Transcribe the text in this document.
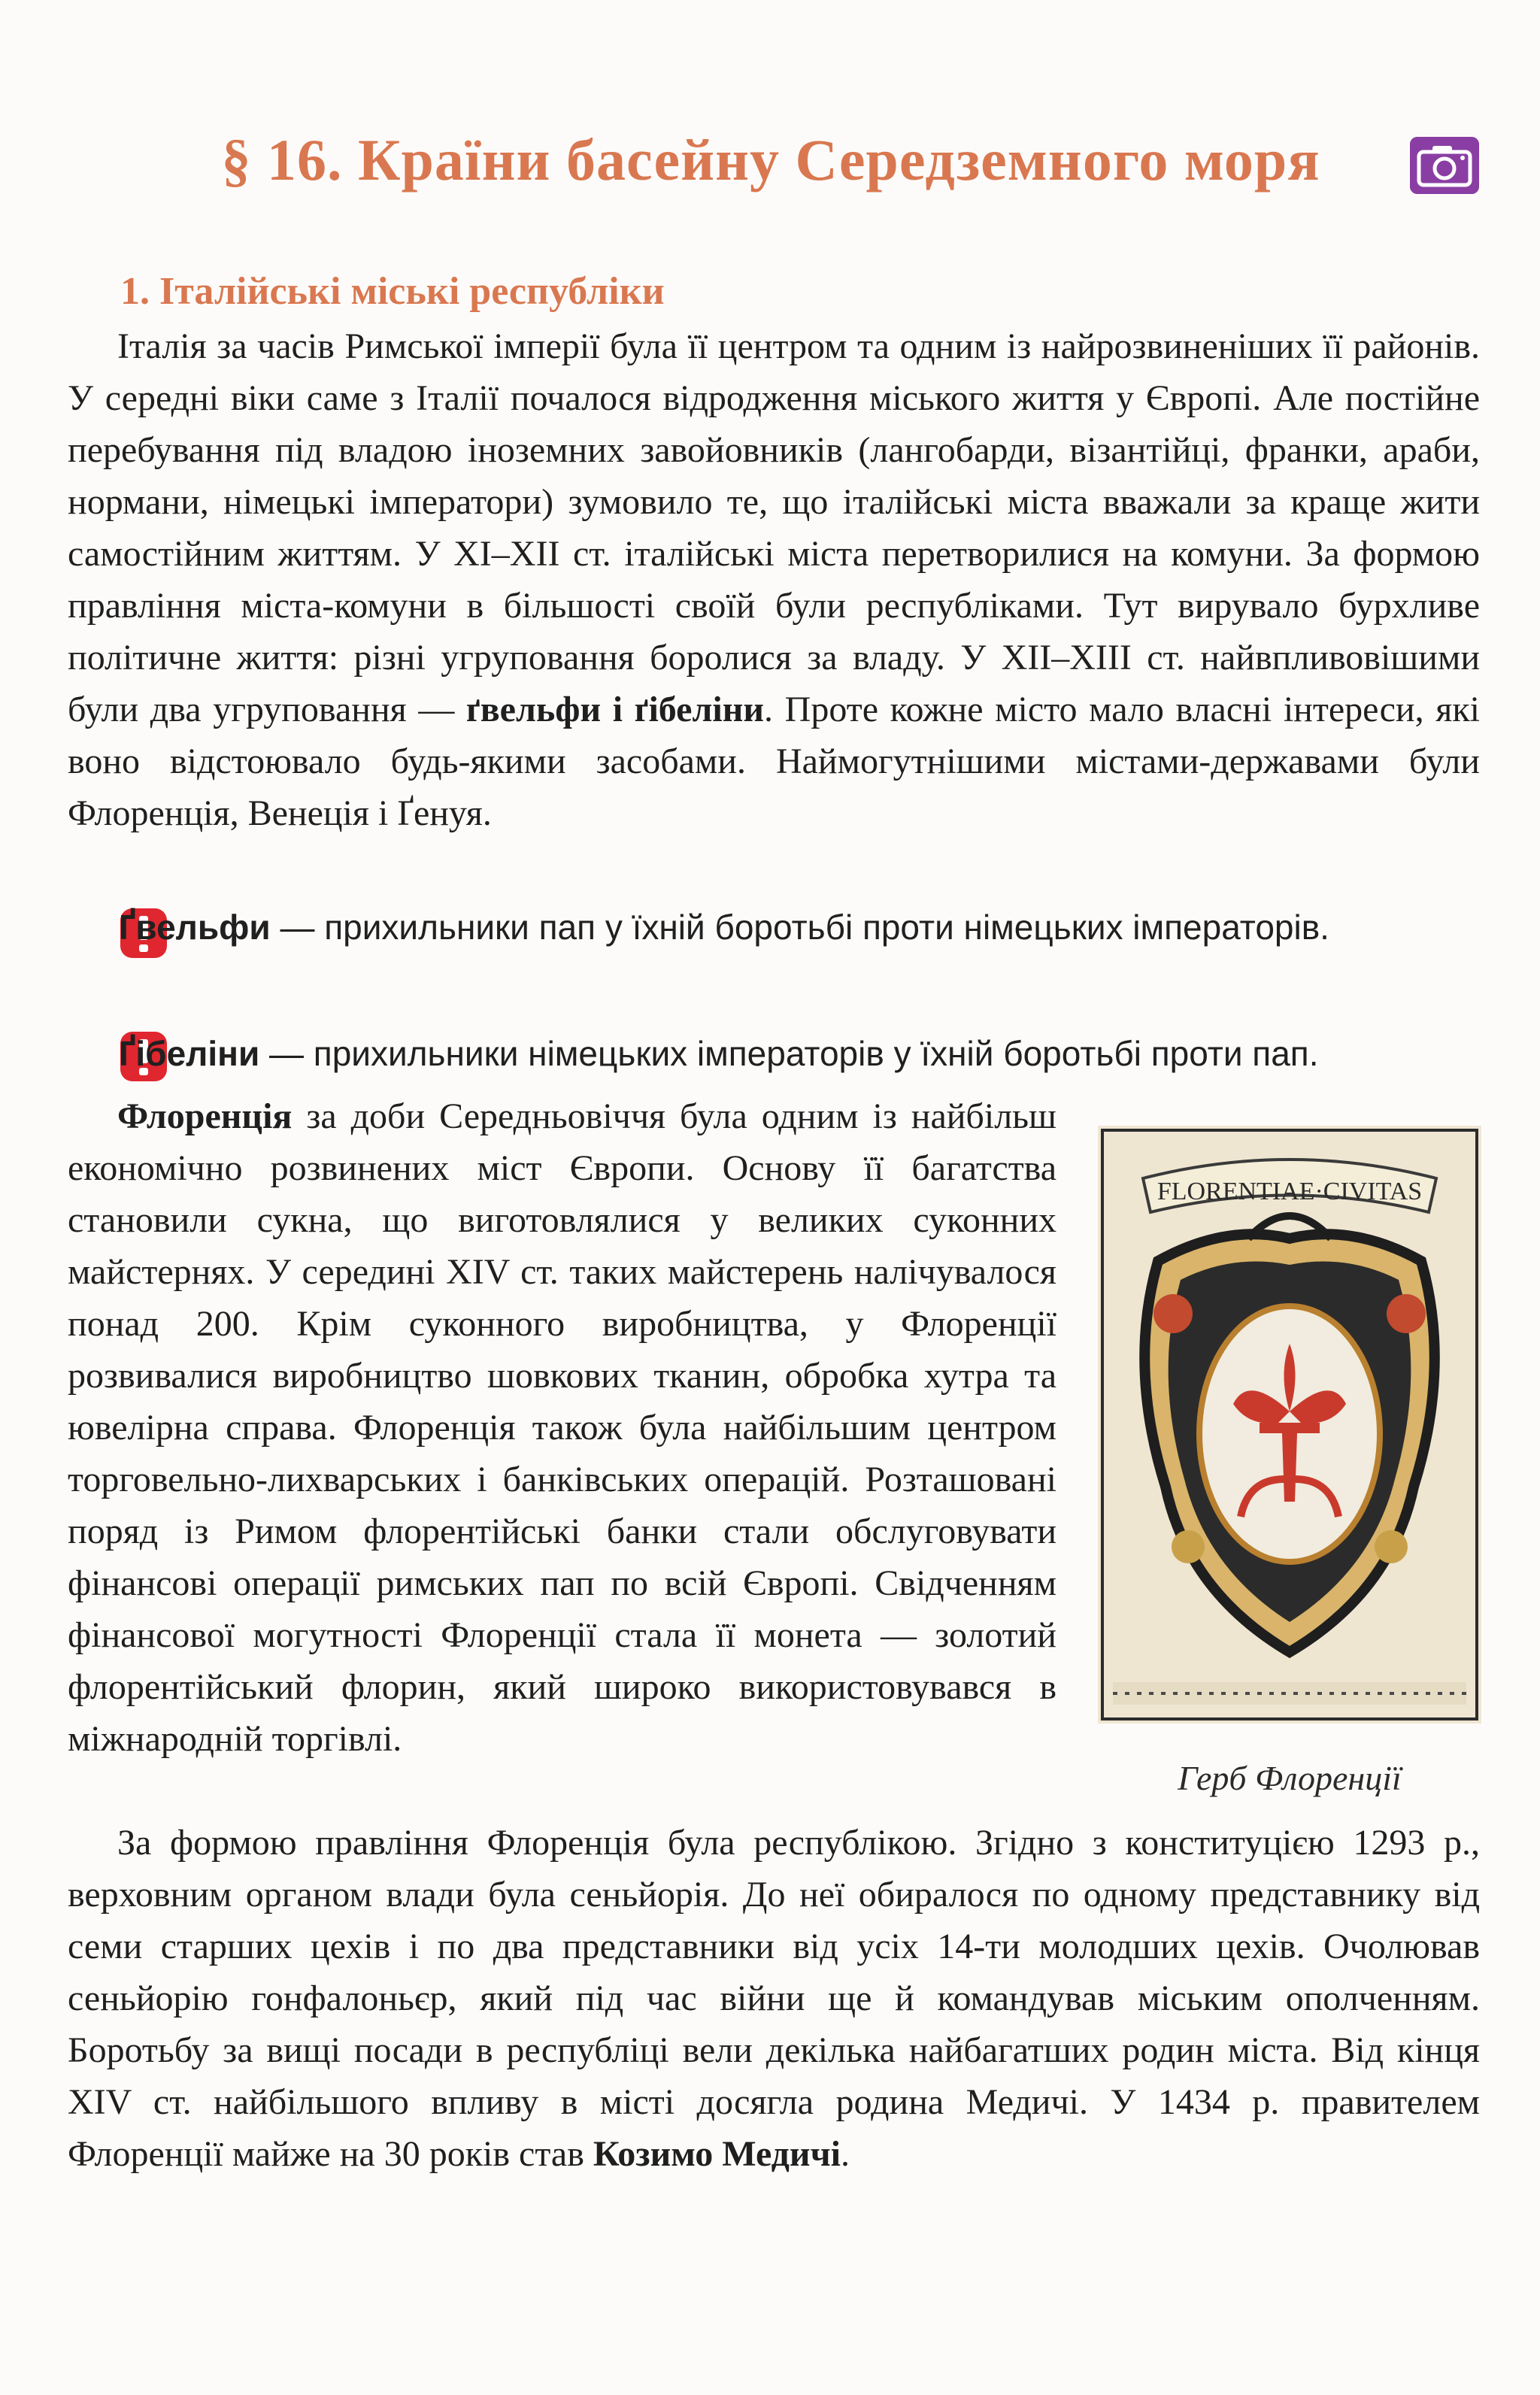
§ 16. Країни басейну Середземного моря
1. Італійські міські республіки

Італія за часів Римської імперії була її центром та одним із найрозвиненіших її районів. У середні віки саме з Італії почалося відродження міського життя у Європі. Але постійне перебування під владою іноземних завойовників (лангобарди, візантійці, франки, араби, нормани, німецькі імператори) зумовило те, що італійські міста вважали за краще жити самостійним життям. У XI–XII ст. італійські міста перетворилися на комуни. За формою правління міста-комуни в більшості своїй були республіками. Тут вирувало бурхливе політичне життя: різні угруповання боролися за владу. У XII–XIII ст. найвпливовішими були два угруповання — ґвельфи і ґібеліни. Проте кожне місто мало власні інтереси, які воно відстоювало будь-якими засобами. Наймогутнішими містами-державами були Флоренція, Венеція і Ґенуя.

Ґвельфи — прихильники пап у їхній боротьбі проти німецьких імператорів.

Ґібеліни — прихильники німецьких імператорів у їхній боротьбі проти пап.

Флоренція за доби Середньовіччя була одним із найбільш економічно розвинених міст Європи. Основу її багатства становили сукна, що виготовлялися у великих суконних майстернях. У середині XIV ст. таких майстерень налічувалося понад 200. Крім суконного виробництва, у Флоренції розвивалися виробництво шовкових тканин, обробка хутра та ювелірна справа. Флоренція також була найбільшим центром торговельно-лихварських і банківських операцій. Розташовані поряд із Римом флорентійські банки стали обслуговувати фінансові операції римських пап по всій Європі. Свідченням фінансової могутності Флоренції стала її монета — золотий флорентійський флорин, який широко використовувався в міжнародній торгівлі.

FLORENTIAE·CIVITAS

Герб Флоренції

За формою правління Флоренція була республікою. Згідно з конституцією 1293 р., верховним органом влади була сеньйорія. До неї обиралося по одному представнику від семи старших цехів і по два представники від усіх 14-ти молодших цехів. Очолював сеньйорію гонфалоньєр, який під час війни ще й командував міським ополченням. Боротьбу за вищі посади в республіці вели декілька найбагатших родин міста. Від кінця XIV ст. найбільшого впливу в місті досягла родина Медичі. У 1434 р. правителем Флоренції майже на 30 років став Козимо Медичі.
